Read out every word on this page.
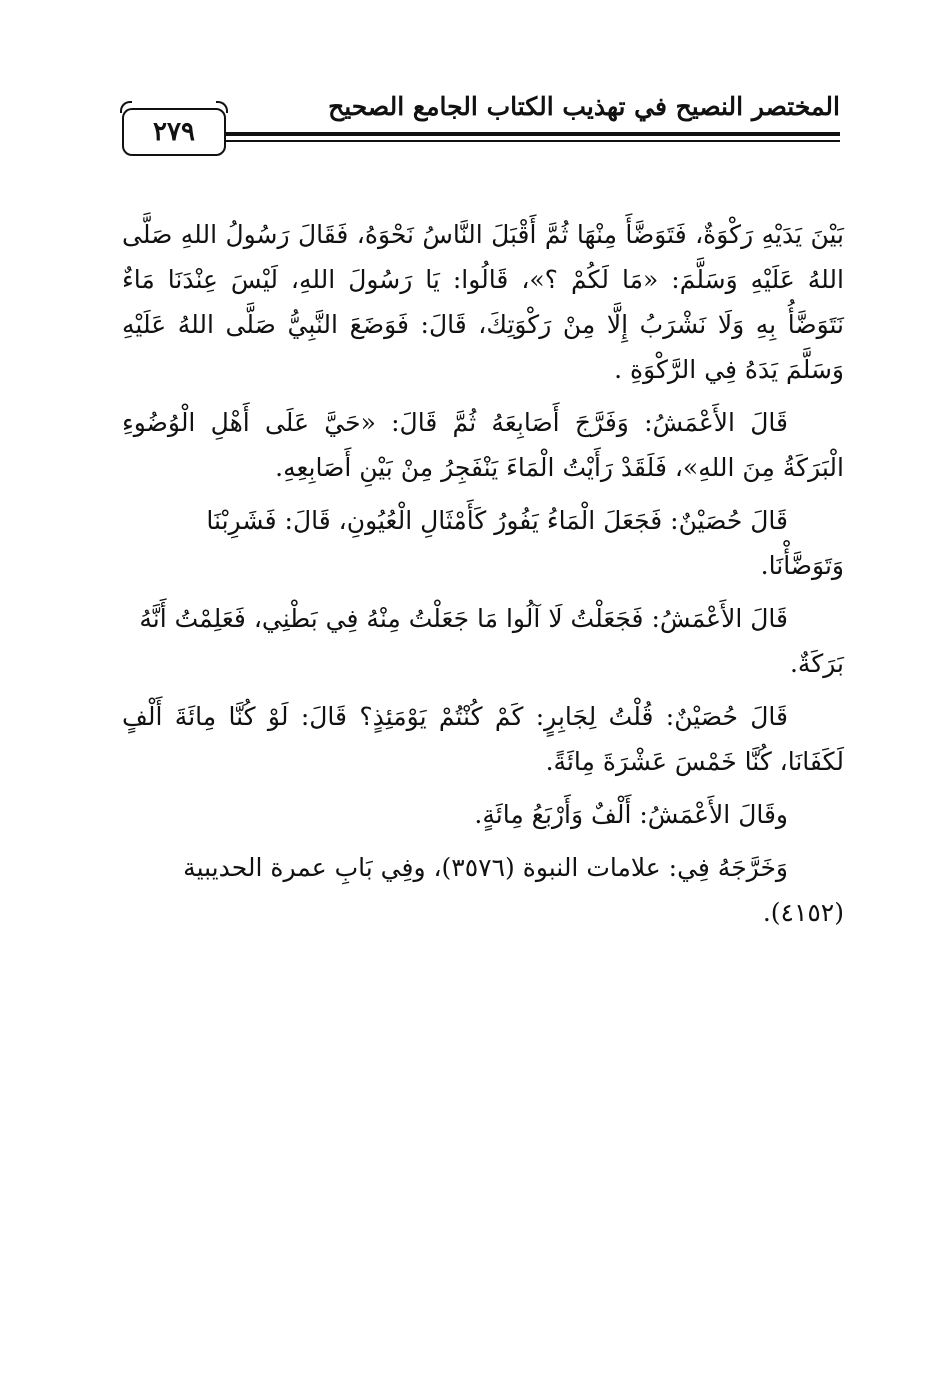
٢٧٩
المختصر النصيح في تهذيب الكتاب الجامع الصحيح

بَيْنَ يَدَيْهِ رَكْوَةٌ، فَتَوَضَّأَ مِنْهَا ثُمَّ أَقْبَلَ النَّاسُ نَحْوَهُ، فَقَالَ رَسُولُ اللهِ صَلَّى اللهُ عَلَيْهِ وَسَلَّمَ: «مَا لَكُمْ ؟»، قَالُوا: يَا رَسُولَ اللهِ، لَيْسَ عِنْدَنَا مَاءٌ نَتَوَضَّأُ بِهِ وَلَا نَشْرَبُ إِلَّا مِنْ رَكْوَتِكَ، قَالَ: فَوَضَعَ النَّبِيُّ صَلَّى اللهُ عَلَيْهِ وَسَلَّمَ يَدَهُ فِي الرَّكْوَةِ .

قَالَ الأَعْمَشُ: وَفَرَّجَ أَصَابِعَهُ ثُمَّ قَالَ: «حَيَّ عَلَى أَهْلِ الْوُضُوءِ الْبَرَكَةُ مِنَ اللهِ»، فَلَقَدْ رَأَيْتُ الْمَاءَ يَنْفَجِرُ مِنْ بَيْنِ أَصَابِعِهِ.

قَالَ حُصَيْنٌ: فَجَعَلَ الْمَاءُ يَفُورُ كَأَمْثَالِ الْعُيُونِ، قَالَ: فَشَرِبْنَا وَتَوَضَّأْنَا.

قَالَ الأَعْمَشُ: فَجَعَلْتُ لَا آلُوا مَا جَعَلْتُ مِنْهُ فِي بَطْنِي، فَعَلِمْتُ أَنَّهُ بَرَكَةٌ.

قَالَ حُصَيْنٌ: قُلْتُ لِجَابِرٍ: كَمْ كُنْتُمْ يَوْمَئِذٍ؟ قَالَ: لَوْ كُنَّا مِائَةَ أَلْفٍ لَكَفَانَا، كُنَّا خَمْسَ عَشْرَةَ مِائَةً.

وقَالَ الأَعْمَشُ: أَلْفٌ وَأَرْبَعُ مِائَةٍ.

وَخَرَّجَهُ فِي: علامات النبوة (٣٥٧٦)، وفِي بَابِ عمرة الحديبية (٤١٥٢).
